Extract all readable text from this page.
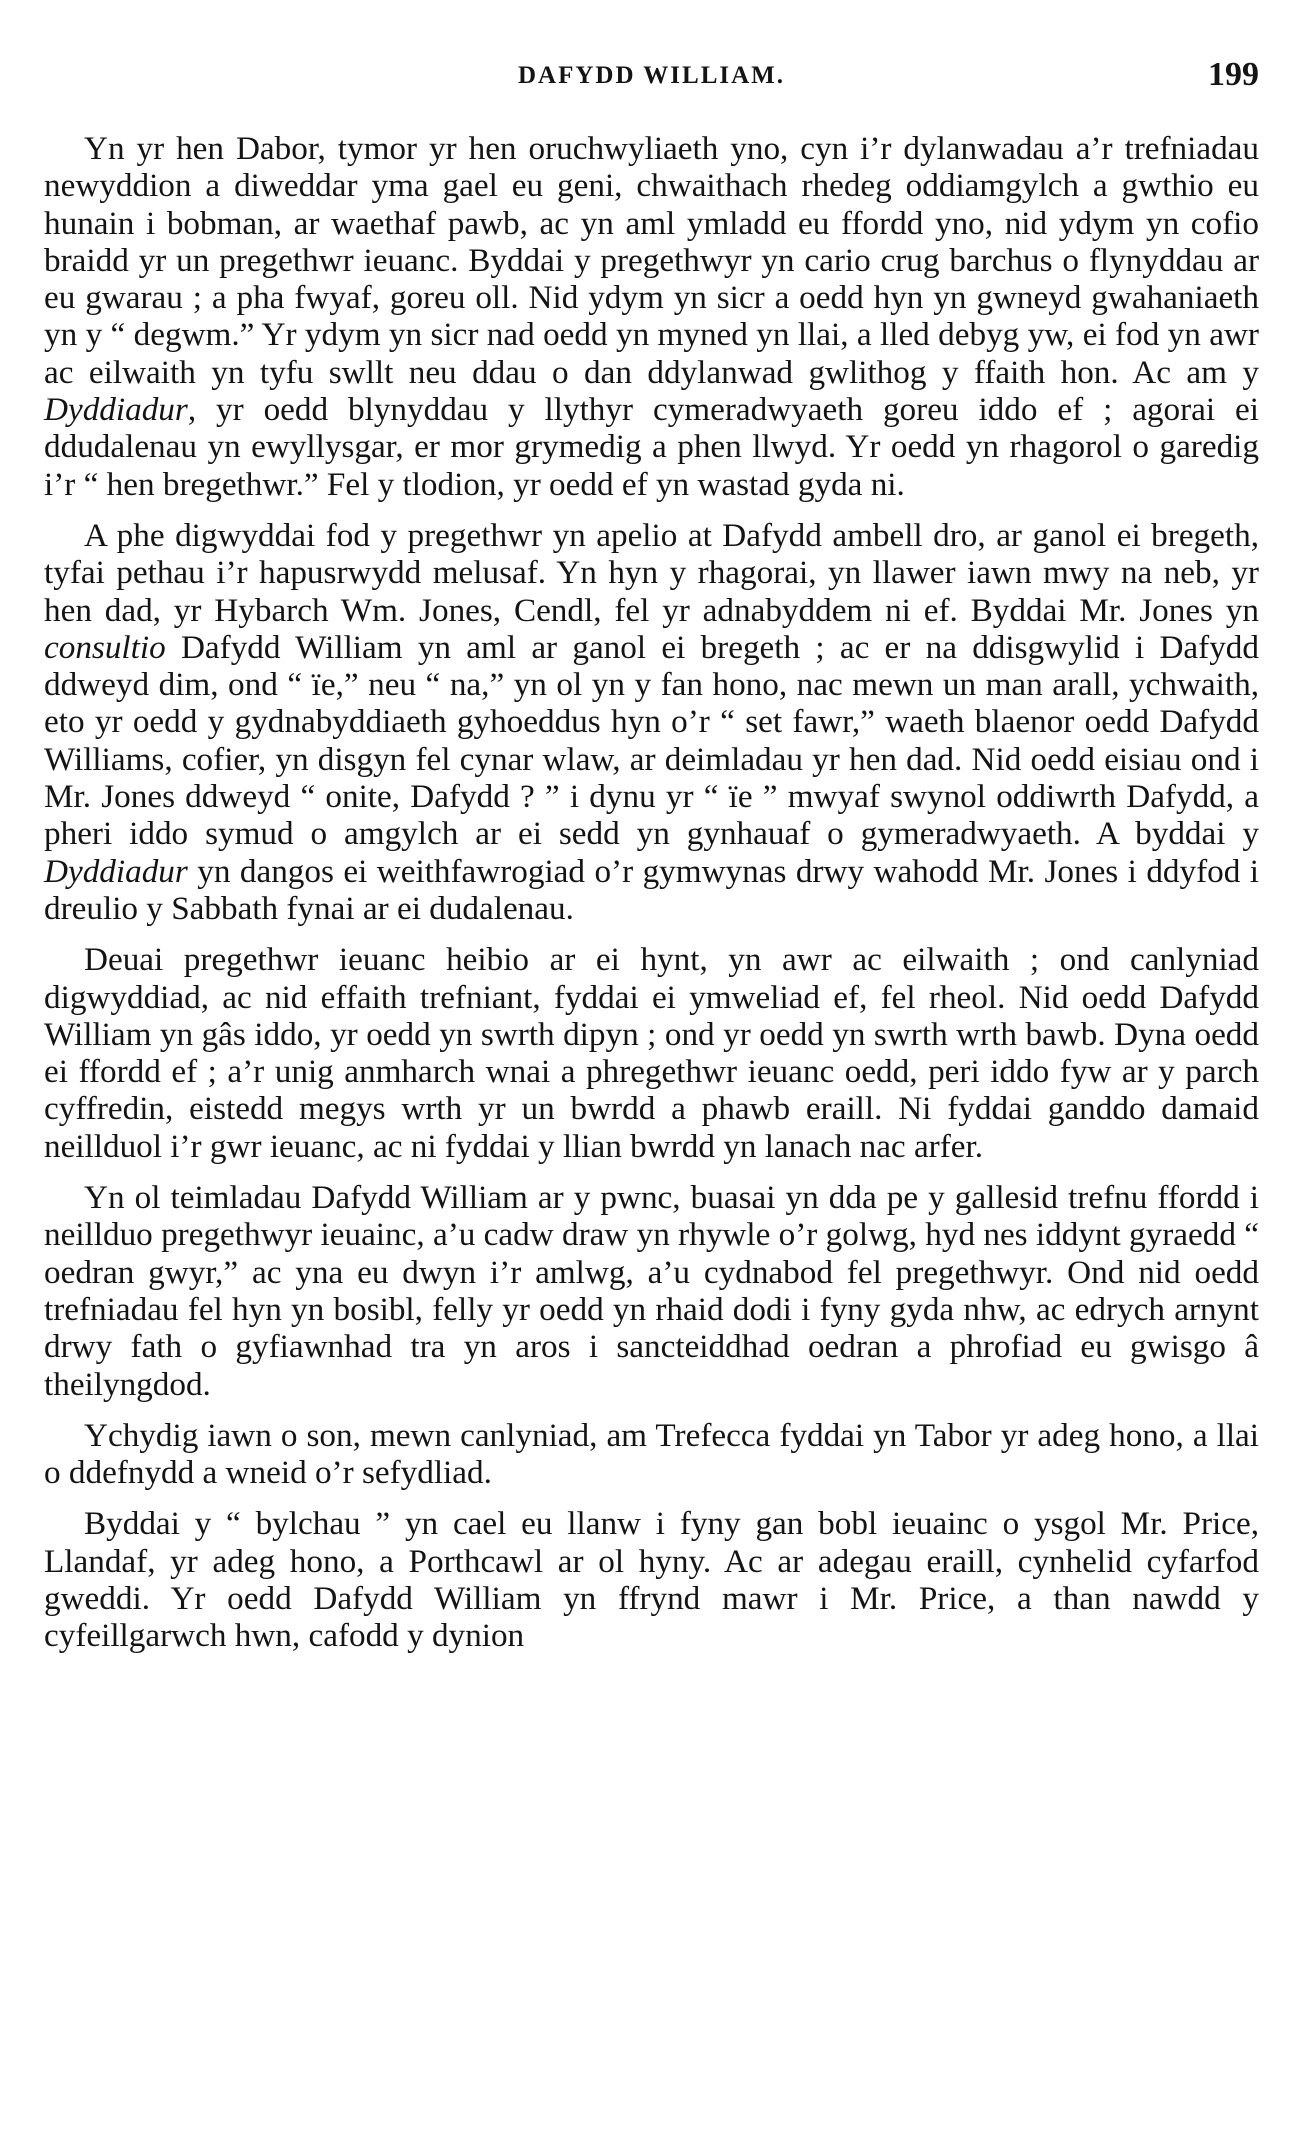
DAFYDD WILLIAM.	199

Yn yr hen Dabor, tymor yr hen oruchwyliaeth yno, cyn i’r dylanwadau a’r trefniadau newyddion a diweddar yma gael eu geni, chwaithach rhedeg oddiamgylch a gwthio eu hunain i bobman, ar waethaf pawb, ac yn aml ymladd eu ffordd yno, nid ydym yn cofio braidd yr un pregethwr ieuanc. Byddai y pregethwyr yn cario crug barchus o flynyddau ar eu gwarau ; a pha fwyaf, goreu oll. Nid ydym yn sicr a oedd hyn yn gwneyd gwahaniaeth yn y “ degwm.” Yr ydym yn sicr nad oedd yn myned yn llai, a lled debyg yw, ei fod yn awr ac eilwaith yn tyfu swllt neu ddau o dan ddylanwad gwlithog y ffaith hon. Ac am y Dyddiadur, yr oedd blynyddau y llythyr cymeradwyaeth goreu iddo ef ; agorai ei ddudalenau yn ewyllysgar, er mor grymedig a phen llwyd. Yr oedd yn rhagorol o garedig i’r “ hen bregethwr.” Fel y tlodion, yr oedd ef yn wastad gyda ni.

A phe digwyddai fod y pregethwr yn apelio at Dafydd ambell dro, ar ganol ei bregeth, tyfai pethau i’r hapusrwydd melusaf. Yn hyn y rhagorai, yn llawer iawn mwy na neb, yr hen dad, yr Hybarch Wm. Jones, Cendl, fel yr adnabyddem ni ef. Byddai Mr. Jones yn consultio Dafydd William yn aml ar ganol ei bregeth ; ac er na ddisgwylid i Dafydd ddweyd dim, ond “ ïe,” neu “ na,” yn ol yn y fan hono, nac mewn un man arall, ychwaith, eto yr oedd y gydnabyddiaeth gyhoeddus hyn o’r “ set fawr,” waeth blaenor oedd Dafydd Williams, cofier, yn disgyn fel cynar wlaw, ar deimladau yr hen dad. Nid oedd eisiau ond i Mr. Jones ddweyd “ onite, Dafydd ? ” i dynu yr “ ïe ” mwyaf swynol oddiwrth Dafydd, a pheri iddo symud o amgylch ar ei sedd yn gynhauaf o gymeradwyaeth. A byddai y Dyddiadur yn dangos ei weithfawrogiad o’r gymwynas drwy wahodd Mr. Jones i ddyfod i dreulio y Sabbath fynai ar ei dudalenau.

Deuai pregethwr ieuanc heibio ar ei hynt, yn awr ac eilwaith ; ond canlyniad digwyddiad, ac nid effaith trefniant, fyddai ei ymweliad ef, fel rheol. Nid oedd Dafydd William yn gâs iddo, yr oedd yn swrth dipyn ; ond yr oedd yn swrth wrth bawb. Dyna oedd ei ffordd ef ; a’r unig anmharch wnai a phregethwr ieuanc oedd, peri iddo fyw ar y parch cyffredin, eistedd megys wrth yr un bwrdd a phawb eraill. Ni fyddai ganddo damaid neillduol i’r gwr ieuanc, ac ni fyddai y llian bwrdd yn lanach nac arfer.

Yn ol teimladau Dafydd William ar y pwnc, buasai yn dda pe y gallesid trefnu ffordd i neillduo pregethwyr ieuainc, a’u cadw draw yn rhywle o’r golwg, hyd nes iddynt gyraedd “ oedran gwyr,” ac yna eu dwyn i’r amlwg, a’u cydnabod fel pregethwyr. Ond nid oedd trefniadau fel hyn yn bosibl, felly yr oedd yn rhaid dodi i fyny gyda nhw, ac edrych arnynt drwy fath o gyfiawnhad tra yn aros i sancteiddhad oedran a phrofiad eu gwisgo â theilyngdod.

Ychydig iawn o son, mewn canlyniad, am Trefecca fyddai yn Tabor yr adeg hono, a llai o ddefnydd a wneid o’r sefydliad.

Byddai y “ bylchau ” yn cael eu llanw i fyny gan bobl ieuainc o ysgol Mr. Price, Llandaf, yr adeg hono, a Porthcawl ar ol hyny. Ac ar adegau eraill, cynhelid cyfarfod gweddi. Yr oedd Dafydd William yn ffrynd mawr i Mr. Price, a than nawdd y cyfeillgarwch hwn, cafodd y dynion
